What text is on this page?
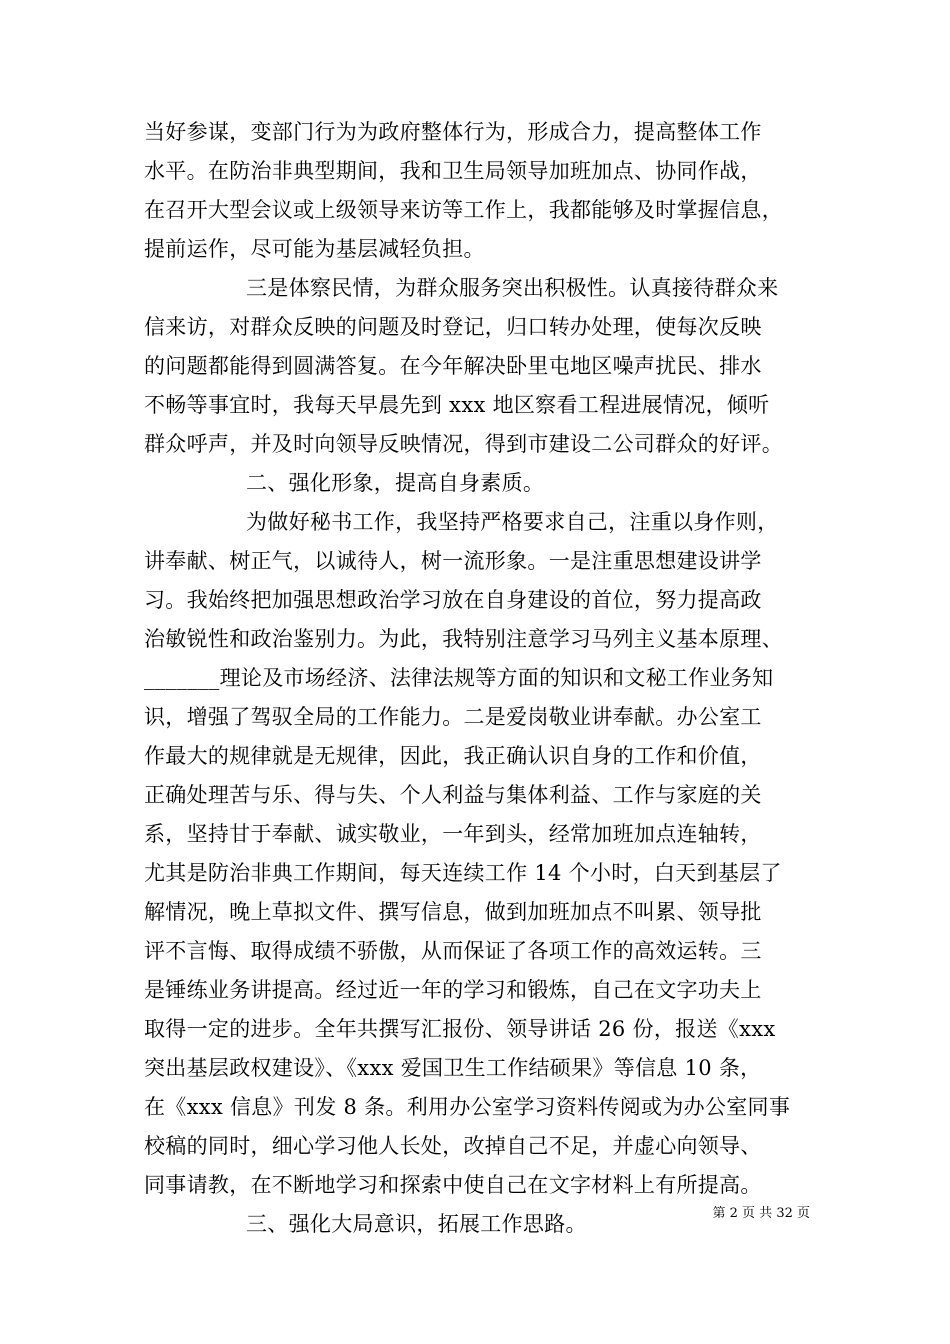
当好参谋，变部门行为为政府整体行为，形成合力，提高整体工作
水平。在防治非典型期间，我和卫生局领导加班加点、协同作战，
在召开大型会议或上级领导来访等工作上，我都能够及时掌握信息，
提前运作，尽可能为基层减轻负担。
三是体察民情，为群众服务突出积极性。认真接待群众来
信来访，对群众反映的问题及时登记，归口转办处理，使每次反映
的问题都能得到圆满答复。在今年解决卧里屯地区噪声扰民、排水
不畅等事宜时，我每天早晨先到 xxx 地区察看工程进展情况，倾听
群众呼声，并及时向领导反映情况，得到市建设二公司群众的好评。
二、强化形象，提高自身素质。
为做好秘书工作，我坚持严格要求自己，注重以身作则，
讲奉献、树正气，以诚待人，树一流形象。一是注重思想建设讲学
习。我始终把加强思想政治学习放在自身建设的首位，努力提高政
治敏锐性和政治鉴别力。为此，我特别注意学习马列主义基本原理、
_______理论及市场经济、法律法规等方面的知识和文秘工作业务知
识，增强了驾驭全局的工作能力。二是爱岗敬业讲奉献。办公室工
作最大的规律就是无规律，因此，我正确认识自身的工作和价值，
正确处理苦与乐、得与失、个人利益与集体利益、工作与家庭的关
系，坚持甘于奉献、诚实敬业，一年到头，经常加班加点连轴转，
尤其是防治非典工作期间，每天连续工作 14 个小时，白天到基层了
解情况，晚上草拟文件、撰写信息，做到加班加点不叫累、领导批
评不言悔、取得成绩不骄傲，从而保证了各项工作的高效运转。三
是锤练业务讲提高。经过近一年的学习和锻炼，自己在文字功夫上
取得一定的进步。全年共撰写汇报份、领导讲话 26 份，报送《xxx
突出基层政权建设》、《xxx 爱国卫生工作结硕果》等信息 10 条，
在《xxx 信息》刊发 8 条。利用办公室学习资料传阅或为办公室同事
校稿的同时，细心学习他人长处，改掉自己不足，并虚心向领导、
同事请教，在不断地学习和探索中使自己在文字材料上有所提高。
三、强化大局意识，拓展工作思路。	第 2 页 共 32 页
